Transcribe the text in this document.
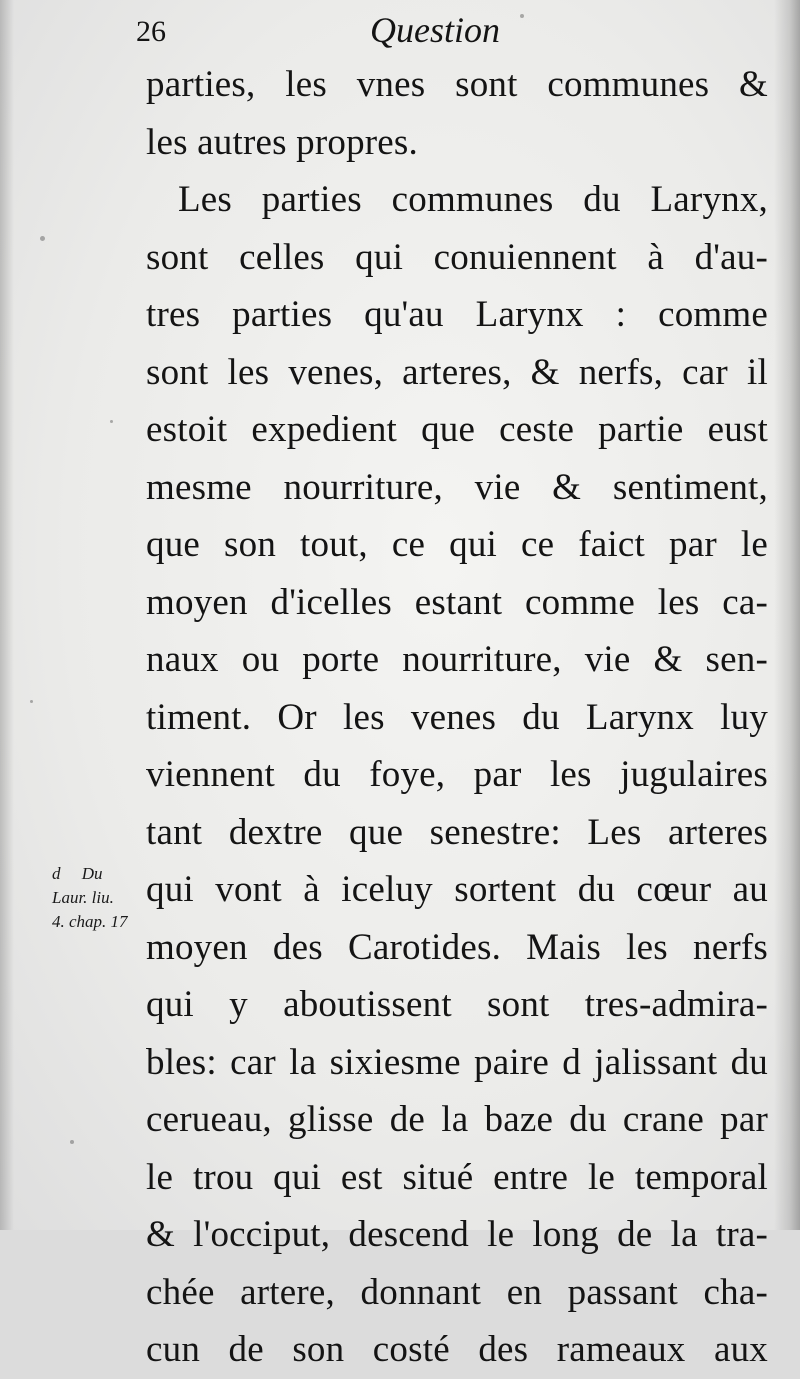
26	Question
parties, les vnes sont communes &
les autres propres.
Les parties communes du Larynx,
sont celles qui conuiennent à d'au-
tres parties qu'au Larynx : comme
sont les venes, arteres, & nerfs, car il
estoit expedient que ceste partie eust
mesme nourriture, vie & sentiment,
que son tout, ce qui ce faict par le
moyen d'icelles estant comme les ca-
naux ou porte nourriture, vie & sen-
timent. Or les venes du Larynx luy
viennent du foye, par les jugulaires
tant dextre que senestre: Les arteres
qui vont à iceluy sortent du cœur au
moyen des Carotides. Mais les nerfs
qui y aboutissent sont tres-admira-
bles: car la sixiesme paire d jalissant du
cerueau, glisse de la baze du crane par
le trou qui est situé entre le temporal
& l'occiput, descend le long de la tra-
chée artere, donnant en passant cha-
cun de son costé des rameaux aux
d Du
Laur. liu.
4. chap. 17
